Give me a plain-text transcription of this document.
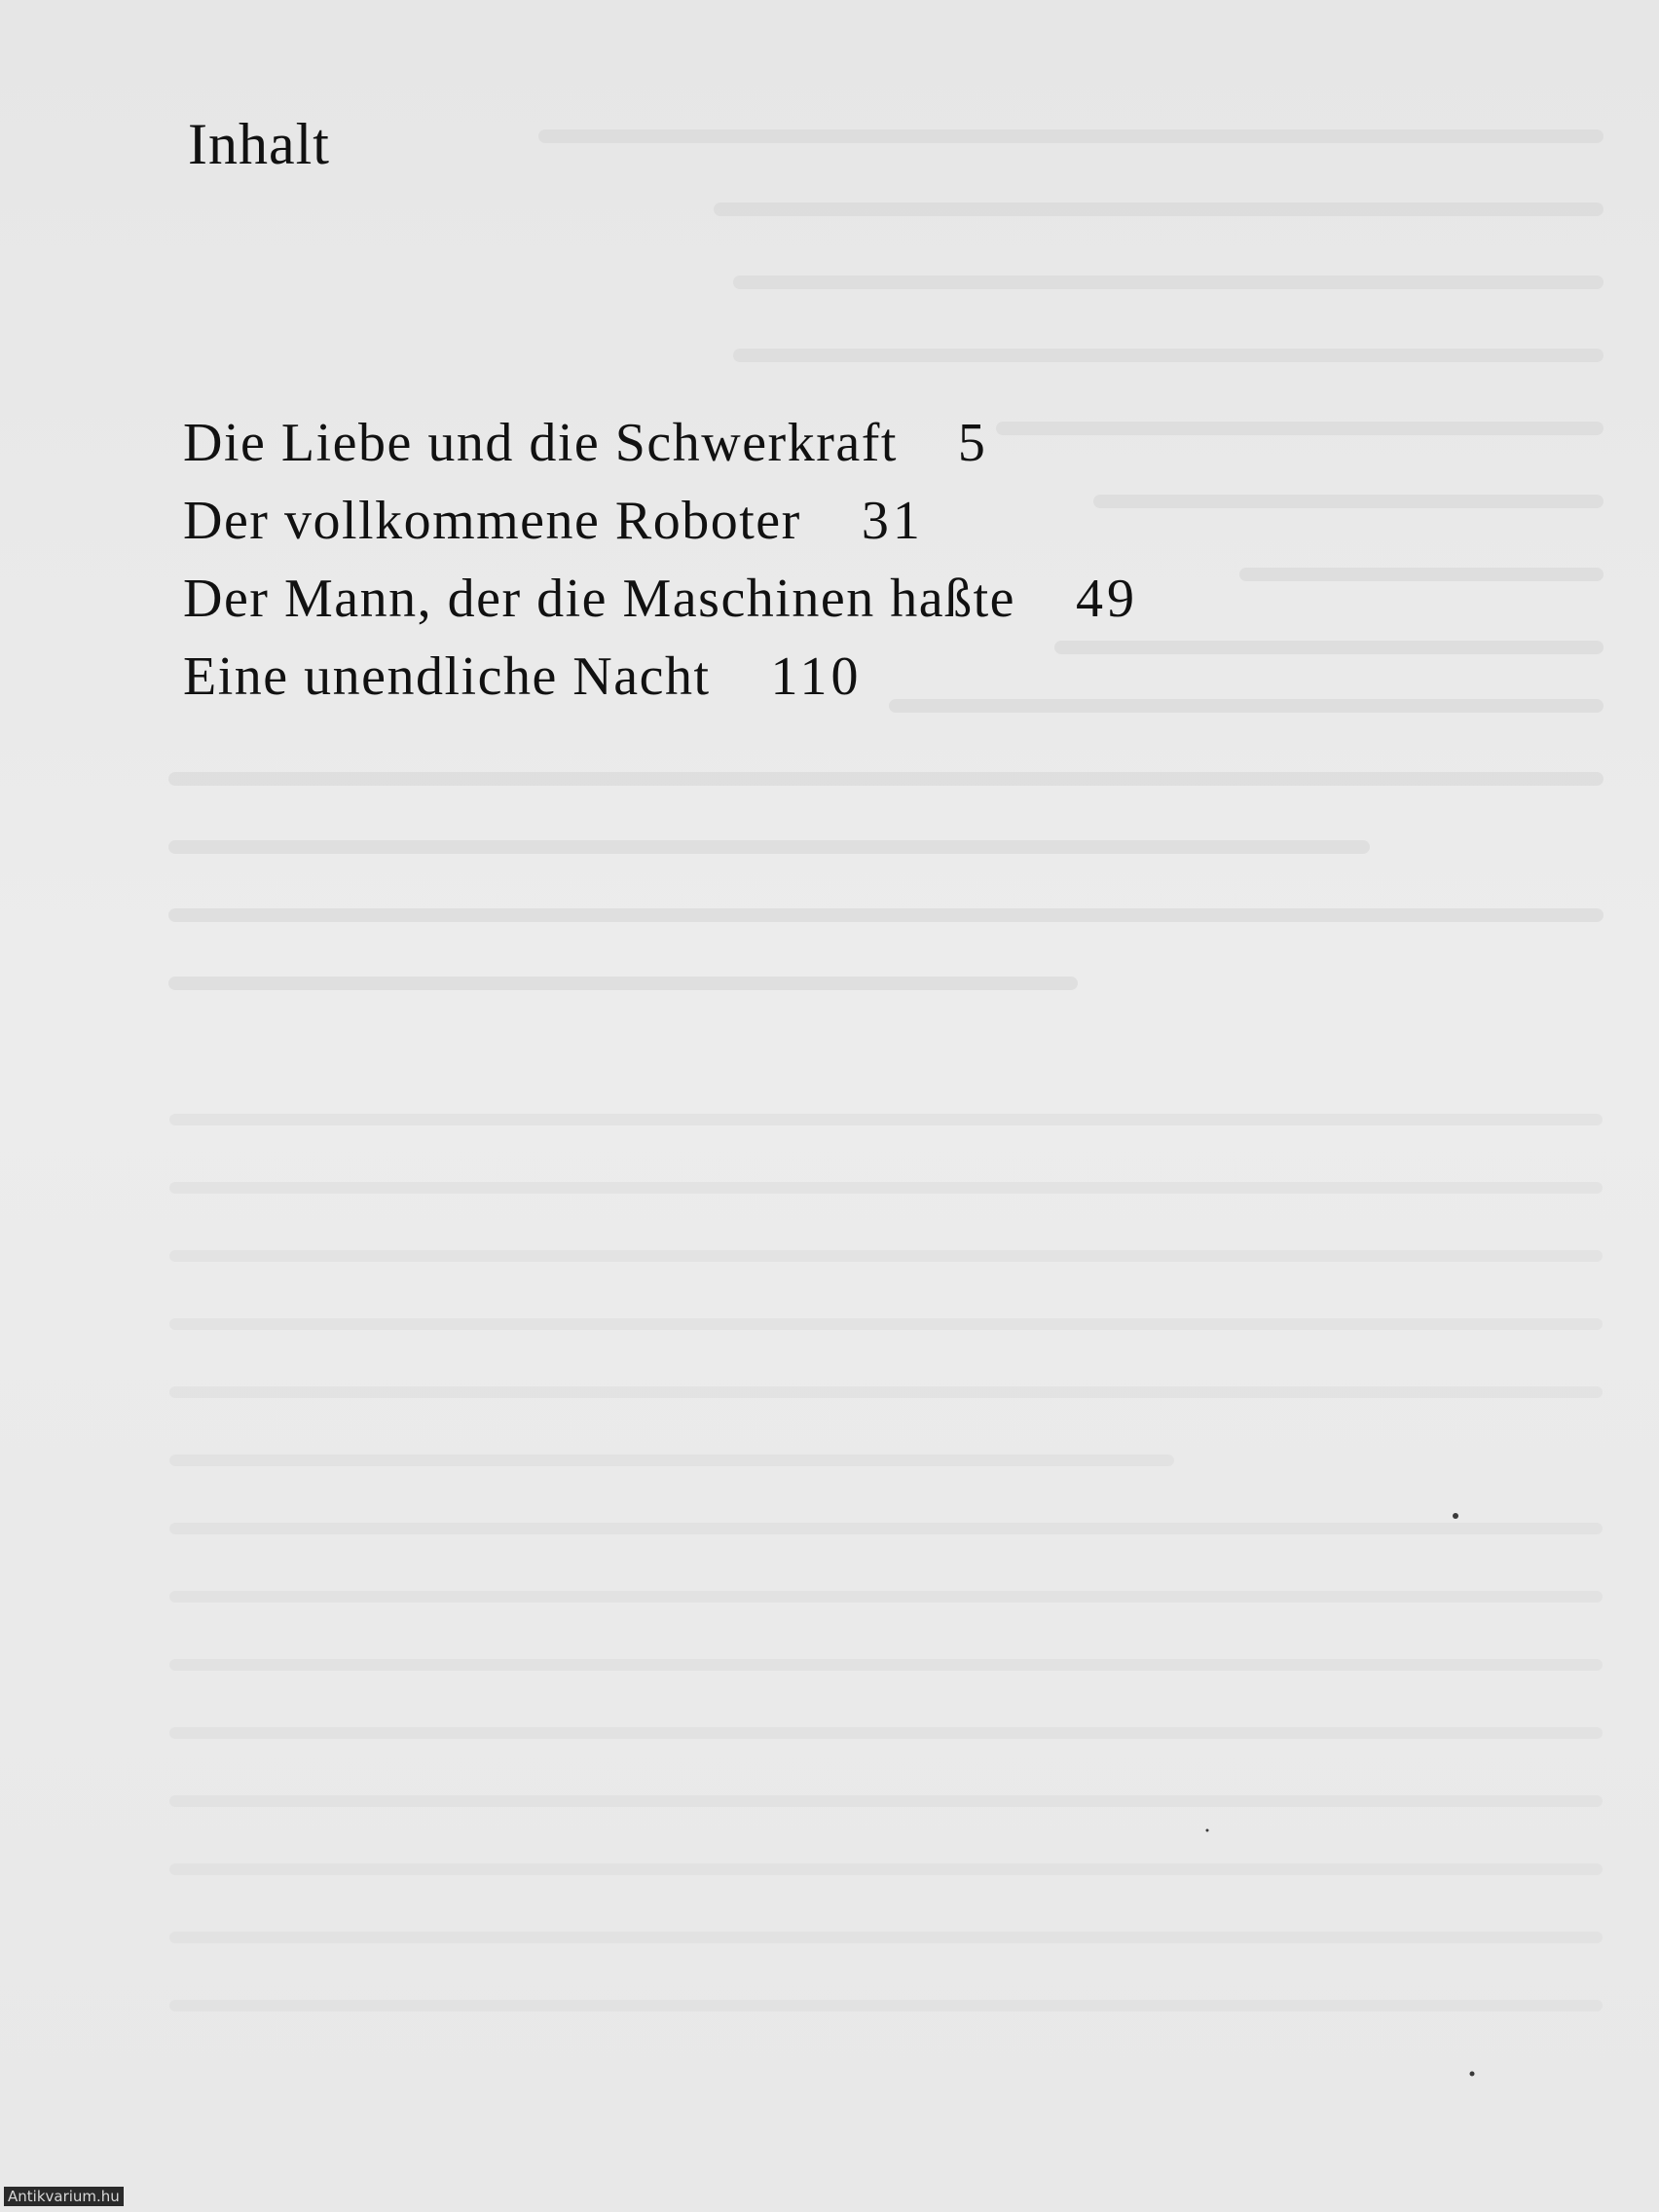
Inhalt
Die Liebe und die Schwerkraft 5
Der vollkommene Roboter 31
Der Mann, der die Maschinen haßte 49
Eine unendliche Nacht 110
Antikvarium.hu
